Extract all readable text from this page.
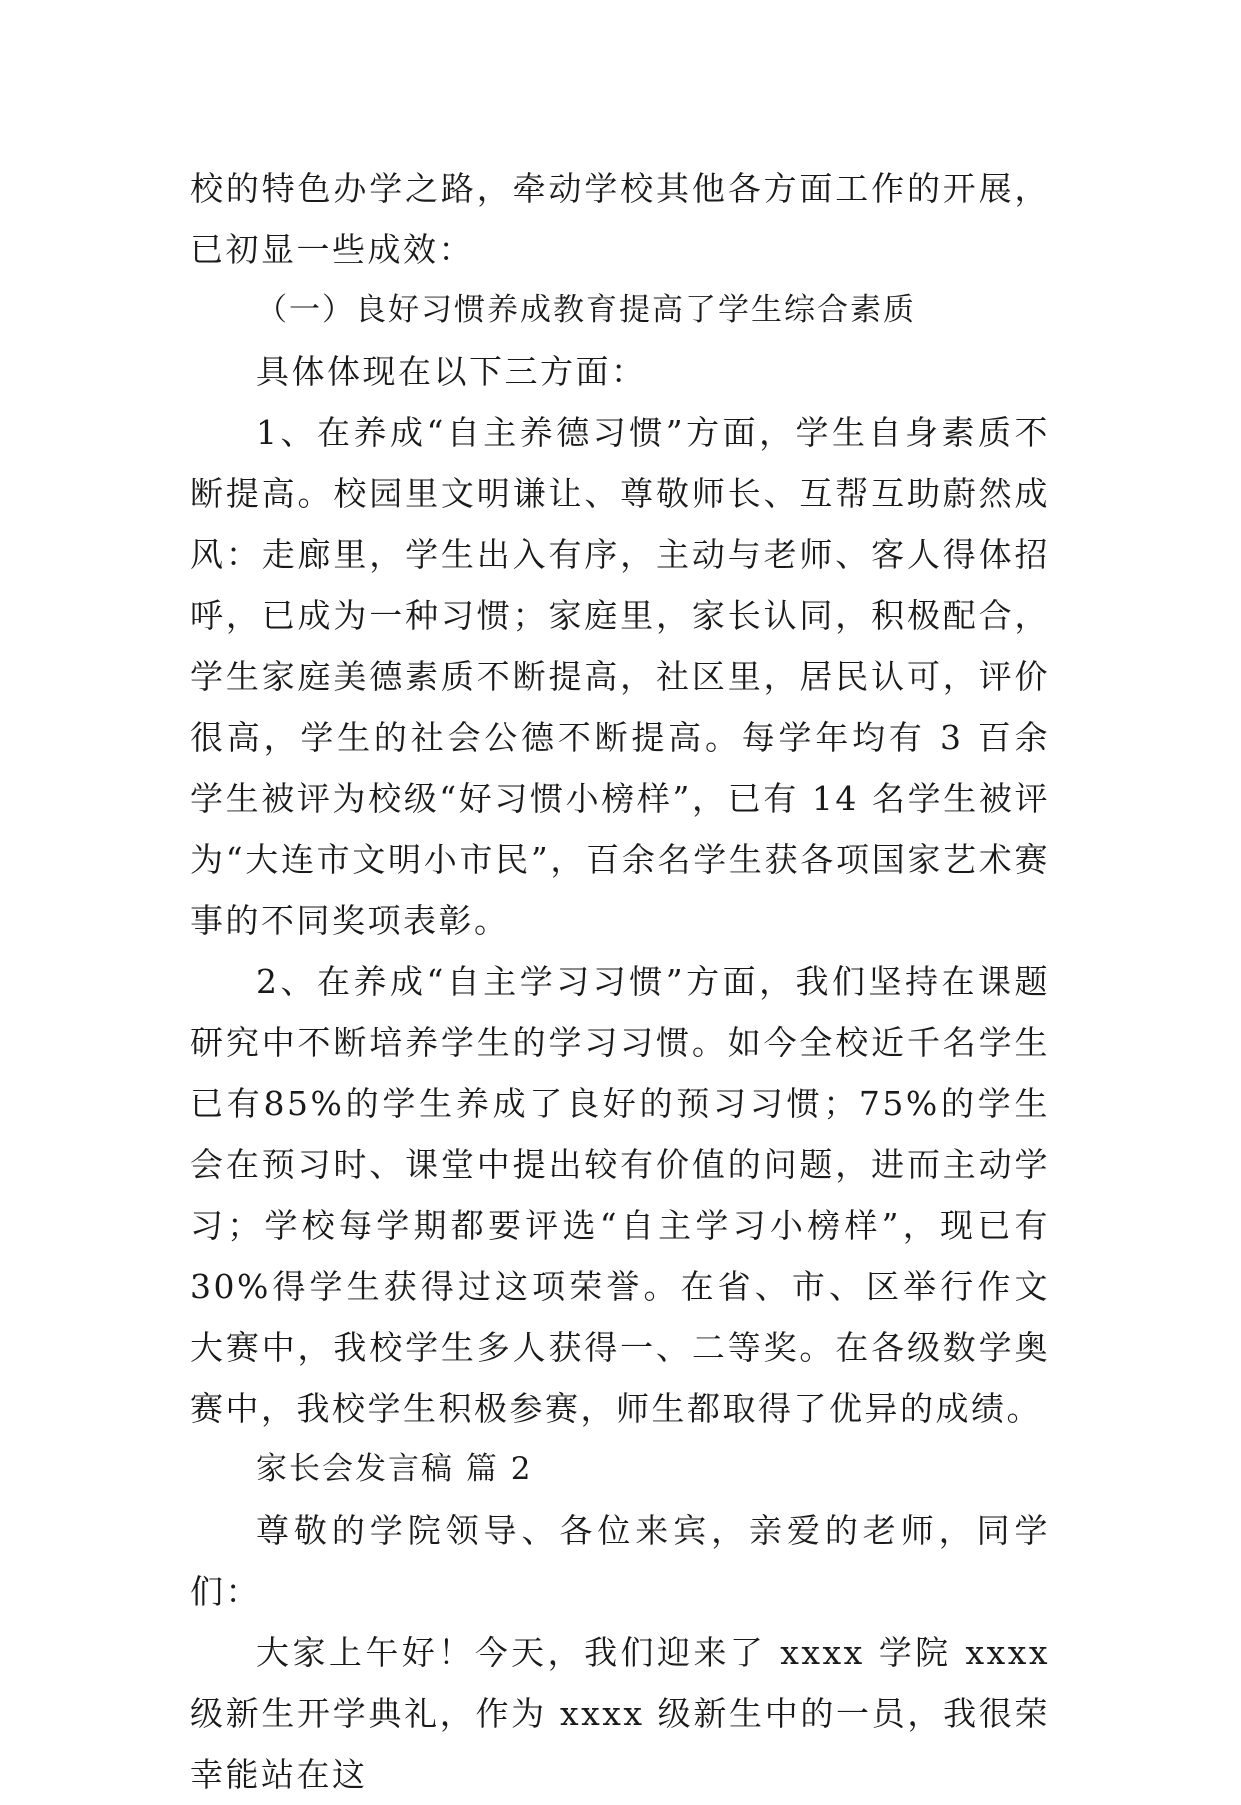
校的特色办学之路，牵动学校其他各方面工作的开展，已初显一些成效：

（一）良好习惯养成教育提高了学生综合素质

具体体现在以下三方面：

1、在养成“自主养德习惯”方面，学生自身素质不断提高。校园里文明谦让、尊敬师长、互帮互助蔚然成风：走廊里，学生出入有序，主动与老师、客人得体招呼，已成为一种习惯；家庭里，家长认同，积极配合，学生家庭美德素质不断提高，社区里，居民认可，评价很高，学生的社会公德不断提高。每学年均有 3 百余学生被评为校级“好习惯小榜样”，已有 14 名学生被评为“大连市文明小市民”，百余名学生获各项国家艺术赛事的不同奖项表彰。

2、在养成“自主学习习惯”方面，我们坚持在课题研究中不断培养学生的学习习惯。如今全校近千名学生已有85%的学生养成了良好的预习习惯；75%的学生会在预习时、课堂中提出较有价值的问题，进而主动学习；学校每学期都要评选“自主学习小榜样”，现已有 30%得学生获得过这项荣誉。在省、市、区举行作文大赛中，我校学生多人获得一、二等奖。在各级数学奥赛中，我校学生积极参赛，师生都取得了优异的成绩。

家长会发言稿 篇 2

尊敬的学院领导、各位来宾，亲爱的老师，同学们：

大家上午好！今天，我们迎来了 xxxx 学院 xxxx 级新生开学典礼，作为 xxxx 级新生中的一员，我很荣幸能站在这
